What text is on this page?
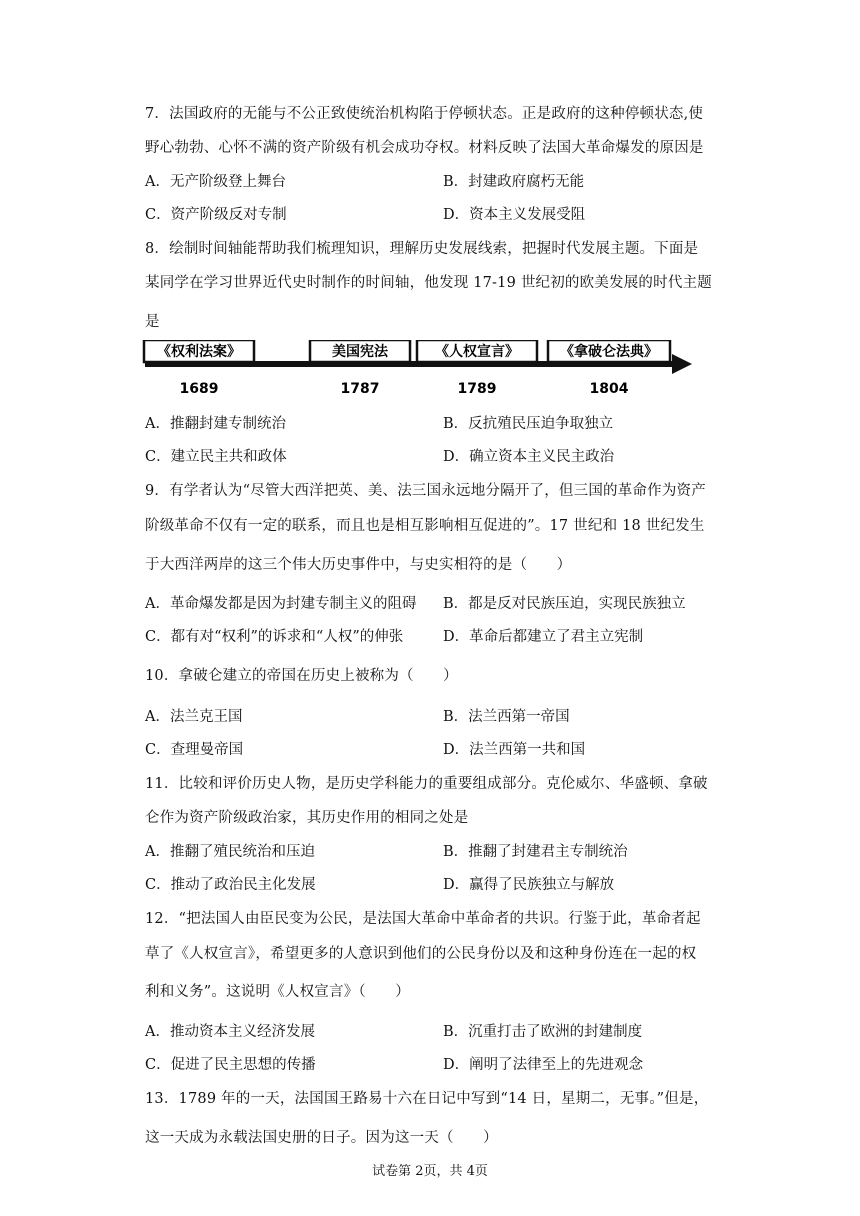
7．法国政府的无能与不公正致使统治机构陷于停顿状态。正是政府的这种停顿状态,使
野心勃勃、心怀不满的资产阶级有机会成功夺权。材料反映了法国大革命爆发的原因是
A．无产阶级登上舞台	B．封建政府腐朽无能
C．资产阶级反对专制	D．资本主义发展受阻
8．绘制时间轴能帮助我们梳理知识，理解历史发展线索，把握时代发展主题。下面是
某同学在学习世界近代史时制作的时间轴，他发现 17-19 世纪初的欧美发展的时代主题
是
《权利法案》
1689
美国宪法
1787
《人权宣言》
1789
《拿破仑法典》
1804
A．推翻封建专制统治	B．反抗殖民压迫争取独立
C．建立民主共和政体	D．确立资本主义民主政治
9．有学者认为“尽管大西洋把英、美、法三国永远地分隔开了，但三国的革命作为资产
阶级革命不仅有一定的联系，而且也是相互影响相互促进的”。17 世纪和 18 世纪发生
于大西洋两岸的这三个伟大历史事件中，与史实相符的是（　　）
A．革命爆发都是因为封建专制主义的阻碍 B．都是反对民族压迫，实现民族独立
C．都有对“权利”的诉求和“人权”的伸张	D．革命后都建立了君主立宪制
10．拿破仑建立的帝国在历史上被称为（　　）
A．法兰克王国	B．法兰西第一帝国
C．查理曼帝国	D．法兰西第一共和国
11．比较和评价历史人物，是历史学科能力的重要组成部分。克伦威尔、华盛顿、拿破
仑作为资产阶级政治家，其历史作用的相同之处是
A．推翻了殖民统治和压迫	B．推翻了封建君主专制统治
C．推动了政治民主化发展	D．赢得了民族独立与解放
12．“把法国人由臣民变为公民，是法国大革命中革命者的共识。行鉴于此，革命者起
草了《人权宣言》，希望更多的人意识到他们的公民身份以及和这种身份连在一起的权
利和义务”。这说明《人权宣言》（　　）
A．推动资本主义经济发展	B．沉重打击了欧洲的封建制度
C．促进了民主思想的传播	D．阐明了法律至上的先进观念
13．1789 年的一天，法国国王路易十六在日记中写到“14 日，星期二，无事。”但是，
这一天成为永载法国史册的日子。因为这一天（　　）
试卷第 2页，共 4页
